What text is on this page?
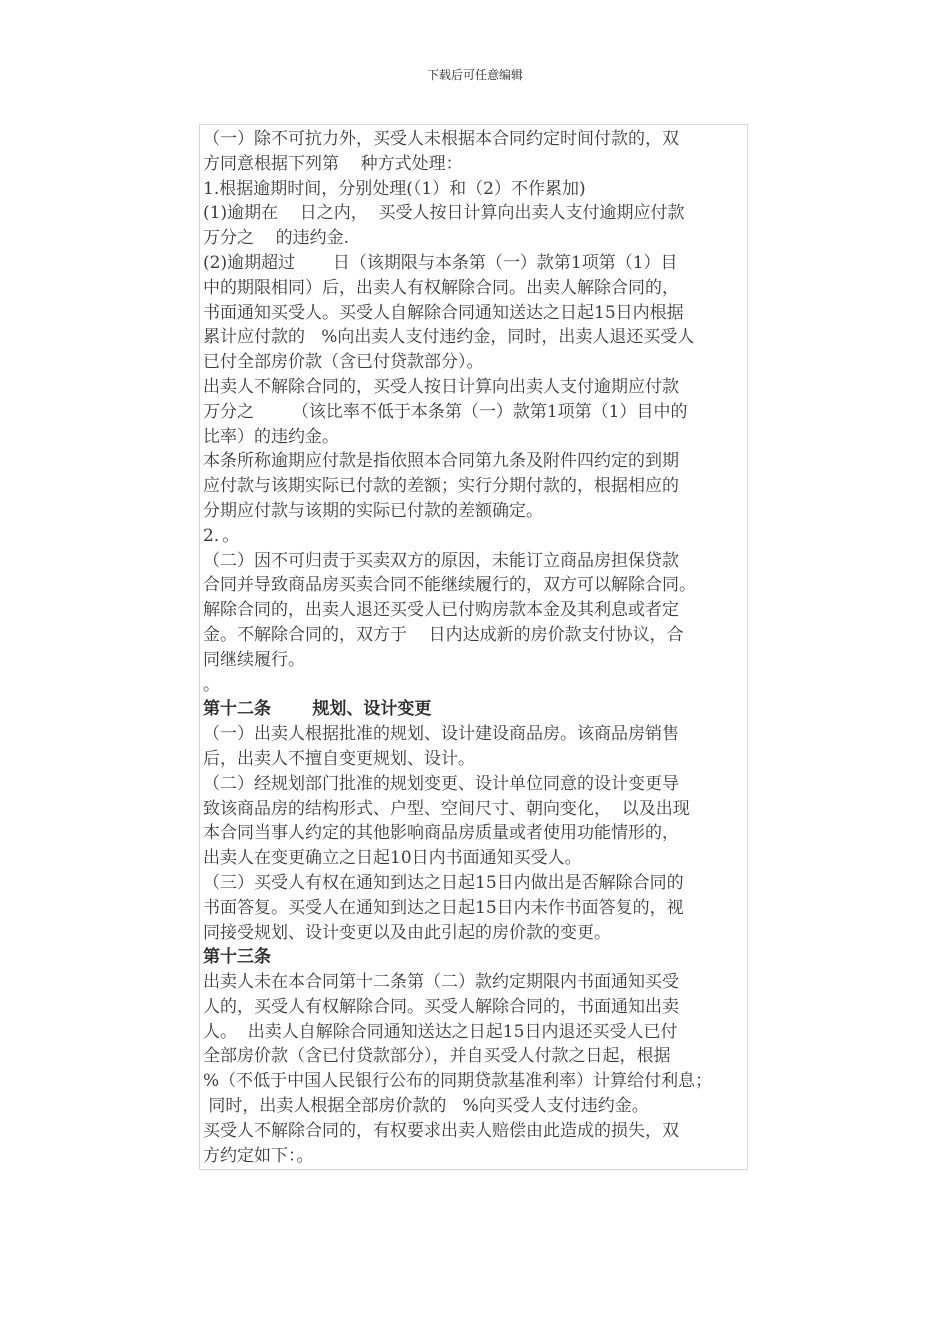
下载后可任意编辑
（一）除不可抗力外，买受人未根据本合同约定时间付款的，双
方同意根据下列第    种方式处理：
1.根据逾期时间，分别处理(（1）和（2）不作累加)
(1)逾期在    日之内，  买受人按日计算向出卖人支付逾期应付款
万分之    的违约金.
(2)逾期超过       日（该期限与本条第（一）款第1项第（1）目
中的期限相同）后，出卖人有权解除合同。出卖人解除合同的，
书面通知买受人。买受人自解除合同通知送达之日起15日内根据
累计应付款的   %向出卖人支付违约金，同时，出卖人退还买受人
已付全部房价款（含已付贷款部分）。
出卖人不解除合同的，买受人按日计算向出卖人支付逾期应付款
万分之       （该比率不低于本条第（一）款第1项第（1）目中的
比率）的违约金。
本条所称逾期应付款是指依照本合同第九条及附件四约定的到期
应付款与该期实际已付款的差额；实行分期付款的，根据相应的
分期应付款与该期的实际已付款的差额确定。
2．。
（二）因不可归责于买卖双方的原因，未能订立商品房担保贷款
合同并导致商品房买卖合同不能继续履行的，双方可以解除合同。
解除合同的，出卖人退还买受人已付购房款本金及其利息或者定
金。不解除合同的，双方于    日内达成新的房价款支付协议，合
同继续履行。
。
第十二条       规划、设计变更
（一）出卖人根据批准的规划、设计建设商品房。该商品房销售
后，出卖人不擅自变更规划、设计。
（二）经规划部门批准的规划变更、设计单位同意的设计变更导
致该商品房的结构形式、户型、空间尺寸、朝向变化，  以及出现
本合同当事人约定的其他影响商品房质量或者使用功能情形的，
出卖人在变更确立之日起10日内书面通知买受人。
（三）买受人有权在通知到达之日起15日内做出是否解除合同的
书面答复。买受人在通知到达之日起15日内未作书面答复的，视
同接受规划、设计变更以及由此引起的房价款的变更。
第十三条
出卖人未在本合同第十二条第（二）款约定期限内书面通知买受
人的，买受人有权解除合同。买受人解除合同的，书面通知出卖
人。  出卖人自解除合同通知送达之日起15日内退还买受人已付
全部房价款（含已付贷款部分），并自买受人付款之日起，根据
%（不低于中国人民银行公布的同期贷款基准利率）计算给付利息；
同时，出卖人根据全部房价款的   %向买受人支付违约金。
买受人不解除合同的，有权要求出卖人赔偿由此造成的损失，双
方约定如下：。
